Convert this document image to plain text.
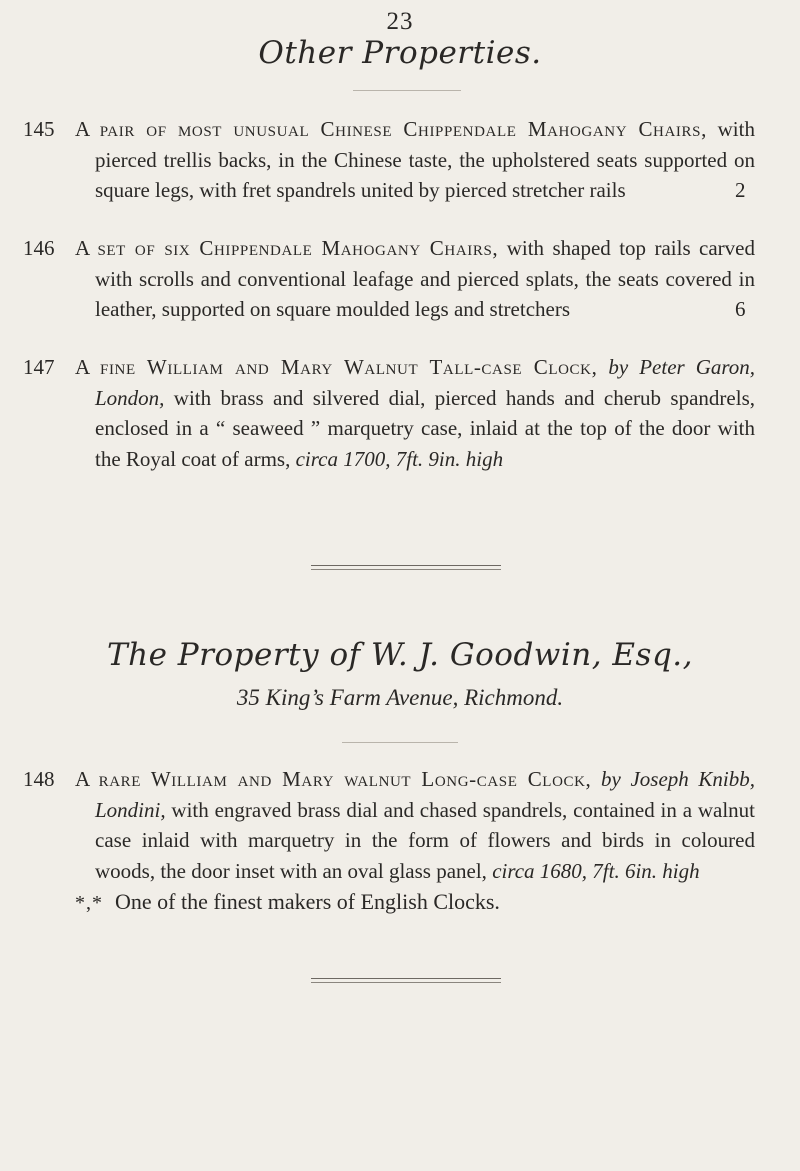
23
Other Properties.
145 A pair of most unusual Chinese Chippendale Mahogany Chairs, with pierced trellis backs, in the Chinese taste, the upholstered seats supported on square legs, with fret spandrels united by pierced stretcher rails	2
146 A set of six Chippendale Mahogany Chairs, with shaped top rails carved with scrolls and conventional leafage and pierced splats, the seats covered in leather, supported on square moulded legs and stretchers	6
147 A fine William and Mary Walnut Tall-case Clock, by Peter Garon, London, with brass and silvered dial, pierced hands and cherub spandrels, enclosed in a “ seaweed ” marquetry case, inlaid at the top of the door with the Royal coat of arms, circa 1700, 7ft. 9in. high
The Property of W. J. Goodwin, Esq.,
35 King’s Farm Avenue, Richmond.
148 A rare William and Mary walnut Long-case Clock, by Joseph Knibb, Londini, with engraved brass dial and chased spandrels, contained in a walnut case inlaid with marquetry in the form of flowers and birds in coloured woods, the door inset with an oval glass panel, circa 1680, 7ft. 6in. high
*,* One of the finest makers of English Clocks.
